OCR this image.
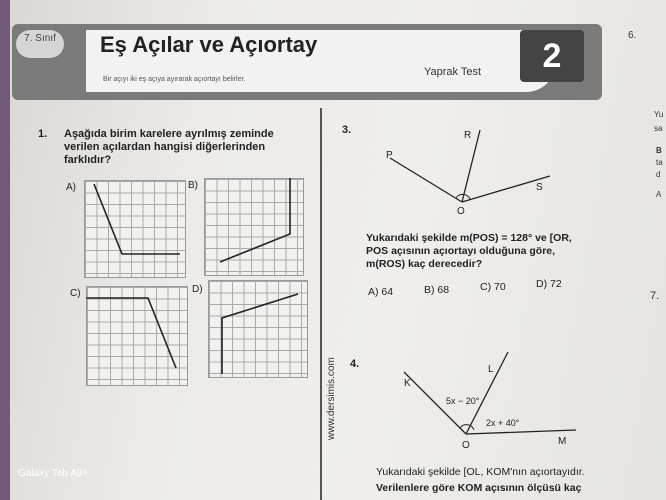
7. Sınıf	Eş Açılar ve Açıortay
Bir açıyı iki eş açıya ayırarak açıortayı belirler.
Yaprak Test	2
6.
1. Aşağıda birim karelere ayrılmış zeminde verilen açılardan hangisi diğerlerinden farklıdır?
A)	B)
C)	D)
3.
P
R
S
O
Yukarıdaki şekilde m(POS) = 128° ve [OR, POS açısının açıortayı olduğuna göre, m(ROS) kaç derecedir?
A) 64	B) 68	C) 70	D) 72
4.
K
L
O	M
5x − 20°
2x + 40°
Yukarıdaki şekilde [OL, KOM'nın açıortayıdır.
Verilenlere göre KOM açısının ölçüsü kaç
www.dersimis.com
Yu
sa
B
ta
d
A
7.
Galaxy Tab A9+
